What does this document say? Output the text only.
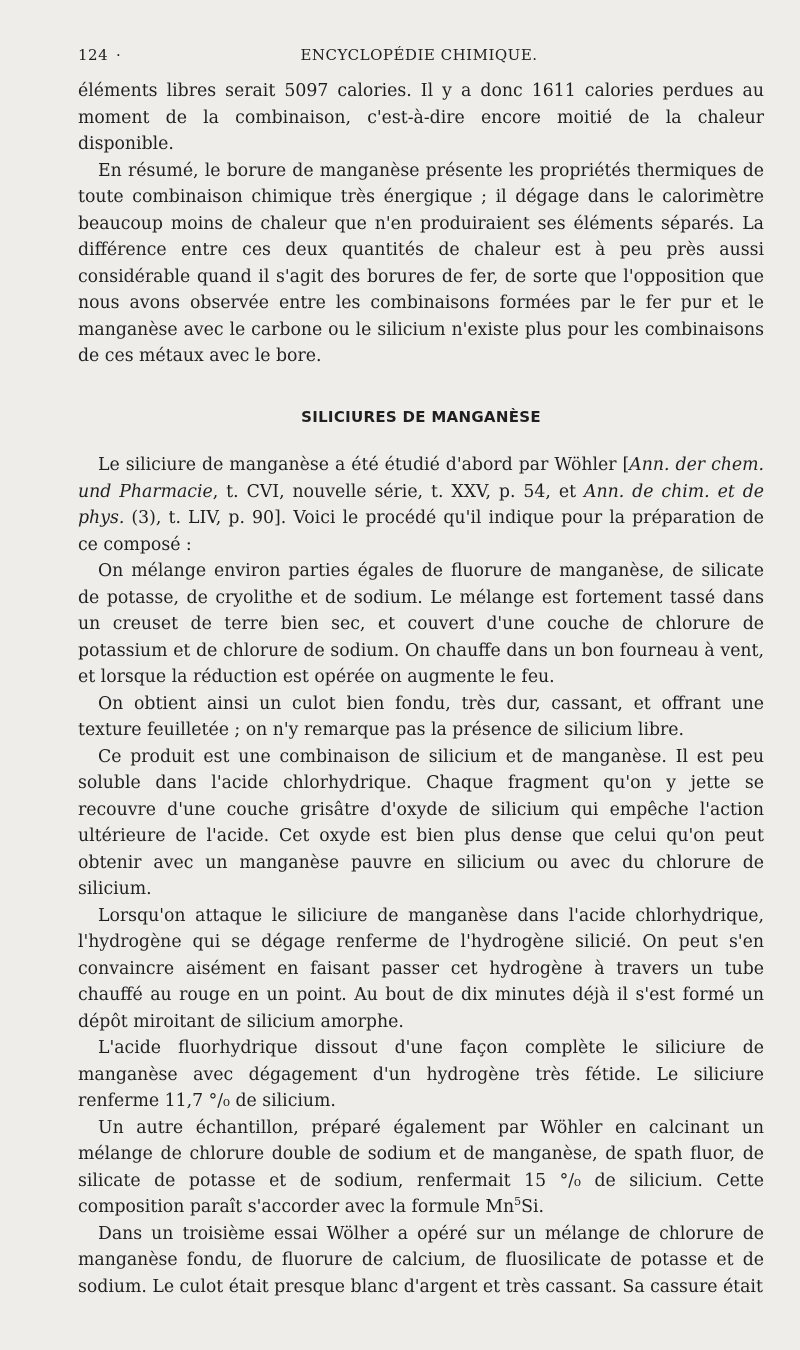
124 ·	ENCYCLOPÉDIE CHIMIQUE.

éléments libres serait 5097 calories. Il y a donc 1611 calories perdues au moment de la combinaison, c'est-à-dire encore moitié de la chaleur disponible.

En résumé, le borure de manganèse présente les propriétés thermiques de toute combinaison chimique très énergique ; il dégage dans le calorimètre beaucoup moins de chaleur que n'en produiraient ses éléments séparés. La différence entre ces deux quantités de chaleur est à peu près aussi considérable quand il s'agit des borures de fer, de sorte que l'opposition que nous avons observée entre les combinaisons formées par le fer pur et le manganèse avec le carbone ou le silicium n'existe plus pour les combinaisons de ces métaux avec le bore.

SILICIURES DE MANGANÈSE

Le siliciure de manganèse a été étudié d'abord par Wöhler [Ann. der chem. und Pharmacie, t. CVI, nouvelle série, t. XXV, p. 54, et Ann. de chim. et de phys. (3), t. LIV, p. 90]. Voici le procédé qu'il indique pour la préparation de ce composé :

On mélange environ parties égales de fluorure de manganèse, de silicate de potasse, de cryolithe et de sodium. Le mélange est fortement tassé dans un creuset de terre bien sec, et couvert d'une couche de chlorure de potassium et de chlorure de sodium. On chauffe dans un bon fourneau à vent, et lorsque la réduction est opérée on augmente le feu.

On obtient ainsi un culot bien fondu, très dur, cassant, et offrant une texture feuilletée ; on n'y remarque pas la présence de silicium libre.

Ce produit est une combinaison de silicium et de manganèse. Il est peu soluble dans l'acide chlorhydrique. Chaque fragment qu'on y jette se recouvre d'une couche grisâtre d'oxyde de silicium qui empêche l'action ultérieure de l'acide. Cet oxyde est bien plus dense que celui qu'on peut obtenir avec un manganèse pauvre en silicium ou avec du chlorure de silicium.

Lorsqu'on attaque le siliciure de manganèse dans l'acide chlorhydrique, l'hydrogène qui se dégage renferme de l'hydrogène silicié. On peut s'en convaincre aisément en faisant passer cet hydrogène à travers un tube chauffé au rouge en un point. Au bout de dix minutes déjà il s'est formé un dépôt miroitant de silicium amorphe.

L'acide fluorhydrique dissout d'une façon complète le siliciure de manganèse avec dégagement d'un hydrogène très fétide. Le siliciure renferme 11,7 °/₀ de silicium.

Un autre échantillon, préparé également par Wöhler en calcinant un mélange de chlorure double de sodium et de manganèse, de spath fluor, de silicate de potasse et de sodium, renfermait 15 °/₀ de silicium. Cette composition paraît s'accorder avec la formule Mn$^5$Si.

Dans un troisième essai Wölher a opéré sur un mélange de chlorure de manganèse fondu, de fluorure de calcium, de fluosilicate de potasse et de sodium. Le culot était presque blanc d'argent et très cassant. Sa cassure était
